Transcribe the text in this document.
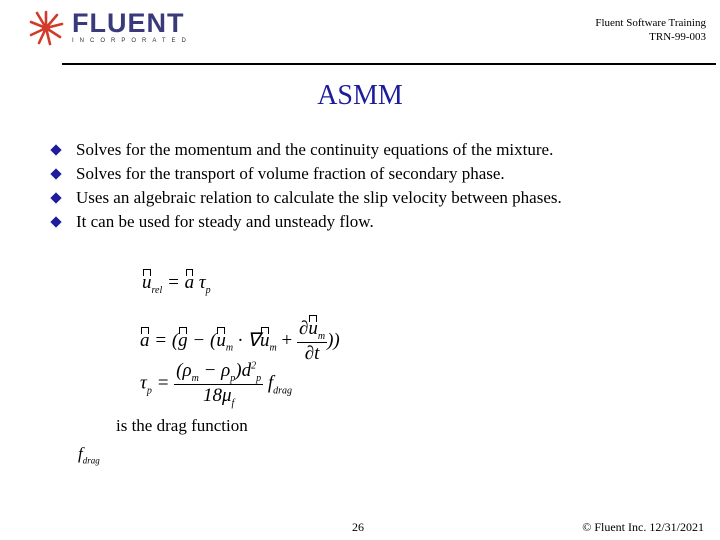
FLUENT
INCORPORATED
Fluent Software Training
TRN-99-003
ASMM
Solves for the momentum and the continuity equations of the mixture.
Solves for the transport of volume fraction of secondary phase.
Uses an algebraic relation to calculate the slip velocity between phases.
It can be used for steady and unsteady flow.
$u_{rel} = a$ $\tau_p$
$a = (g - (u_m \cdot \nabla u_m + \frac{\partial u_m}{\partial t}$ ))
$\tau_p = \frac{(\rho_m - \rho_p)d^2_p}{18\mu_f} f_{drag}$
is the drag function
$f_{drag}$
26	© Fluent Inc. 12/31/2021
